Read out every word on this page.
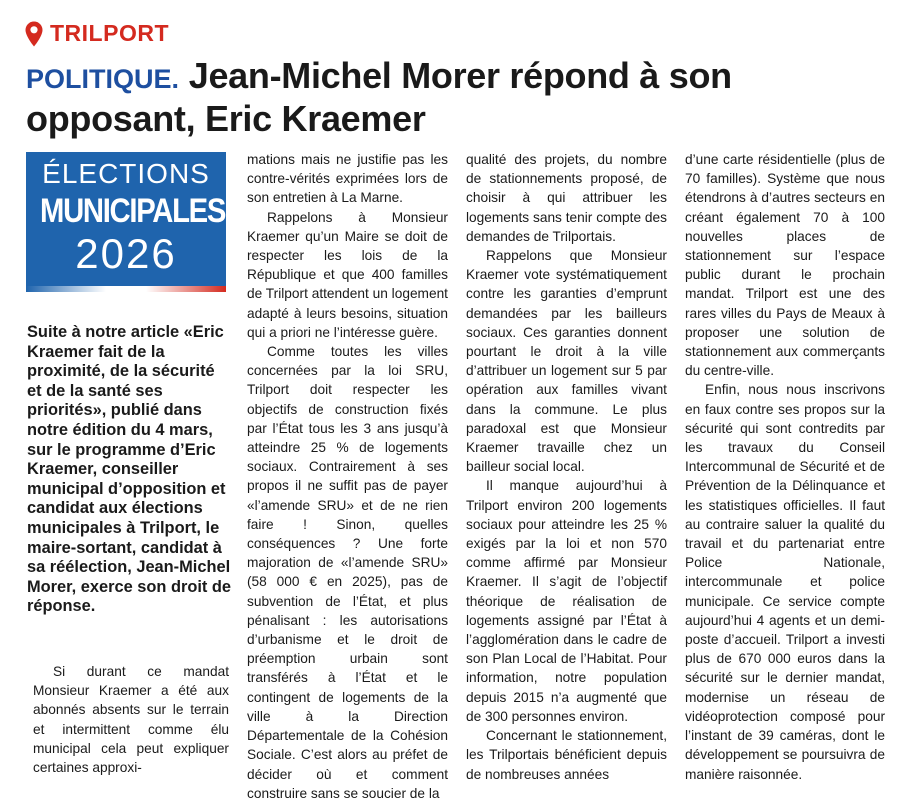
TRILPORT
POLITIQUE. Jean-Michel Morer répond à son opposant, Eric Kraemer
ÉLECTIONS
MUNICIPALES
2026

Suite à notre article «Eric Kraemer fait de la proximité, de la sécurité et de la santé ses priorités», publié dans notre édition du 4 mars, sur le programme d’Eric Kraemer, conseiller municipal d’opposition et candidat aux élections municipales à Trilport, le maire-sortant, candidat à sa réélection, Jean-Michel Morer, exerce son droit de réponse.

Si durant ce mandat Monsieur Kraemer a été aux abonnés absents sur le terrain et intermittent comme élu municipal cela peut expliquer certaines approxi-

mations mais ne justifie pas les contre-vérités exprimées lors de son entretien à La Marne.

Rappelons à Monsieur Kraemer qu’un Maire se doit de respecter les lois de la République et que 400 familles de Trilport attendent un logement adapté à leurs besoins, situation qui a priori ne l’intéresse guère.

Comme toutes les villes concernées par la loi SRU, Trilport doit respecter les objectifs de construction fixés par l’État tous les 3 ans jusqu’à atteindre 25 % de logements sociaux. Contrairement à ses propos il ne suffit pas de payer «l’amende SRU» et de ne rien faire ! Sinon, quelles conséquences ? Une forte majoration de «l’amende SRU» (58 000 € en 2025), pas de subvention de l’État, et plus pénalisant : les autorisations d’urbanisme et le droit de préemption urbain sont transférés à l’État et le contingent de logements de la ville à la Direction Départementale de la Cohésion Sociale. C’est alors au préfet de décider où et comment construire sans se soucier de la

qualité des projets, du nombre de stationnements proposé, de choisir à qui attribuer les logements sans tenir compte des demandes de Trilportais.

Rappelons que Monsieur Kraemer vote systématiquement contre les garanties d’emprunt demandées par les bailleurs sociaux. Ces garanties donnent pourtant le droit à la ville d’attribuer un logement sur 5 par opération aux familles vivant dans la commune. Le plus paradoxal est que Monsieur Kraemer travaille chez un bailleur social local.

Il manque aujourd’hui à Trilport environ 200 logements sociaux pour atteindre les 25 % exigés par la loi et non 570 comme affirmé par Monsieur Kraemer. Il s’agit de l’objectif théorique de réalisation de logements assigné par l’État à l’agglomération dans le cadre de son Plan Local de l’Habitat. Pour information, notre population depuis 2015 n’a augmenté que de 300 personnes environ.

Concernant le stationnement, les Trilportais bénéficient depuis de nombreuses années

d’une carte résidentielle (plus de 70 familles). Système que nous étendrons à d’autres secteurs en créant également 70 à 100 nouvelles places de stationnement sur l’espace public durant le prochain mandat. Trilport est une des rares villes du Pays de Meaux à proposer une solution de stationnement aux commerçants du centre-ville.

Enfin, nous nous inscrivons en faux contre ses propos sur la sécurité qui sont contredits par les travaux du Conseil Intercommunal de Sécurité et de Prévention de la Délinquance et les statistiques officielles. Il faut au contraire saluer la qualité du travail et du partenariat entre Police Nationale, intercommunale et police municipale. Ce service compte aujourd’hui 4 agents et un demi-poste d’accueil. Trilport a investi plus de 670 000 euros dans la sécurité sur le dernier mandat, modernise un réseau de vidéoprotection composé pour l’instant de 39 caméras, dont le développement se poursuivra de manière raisonnée.
